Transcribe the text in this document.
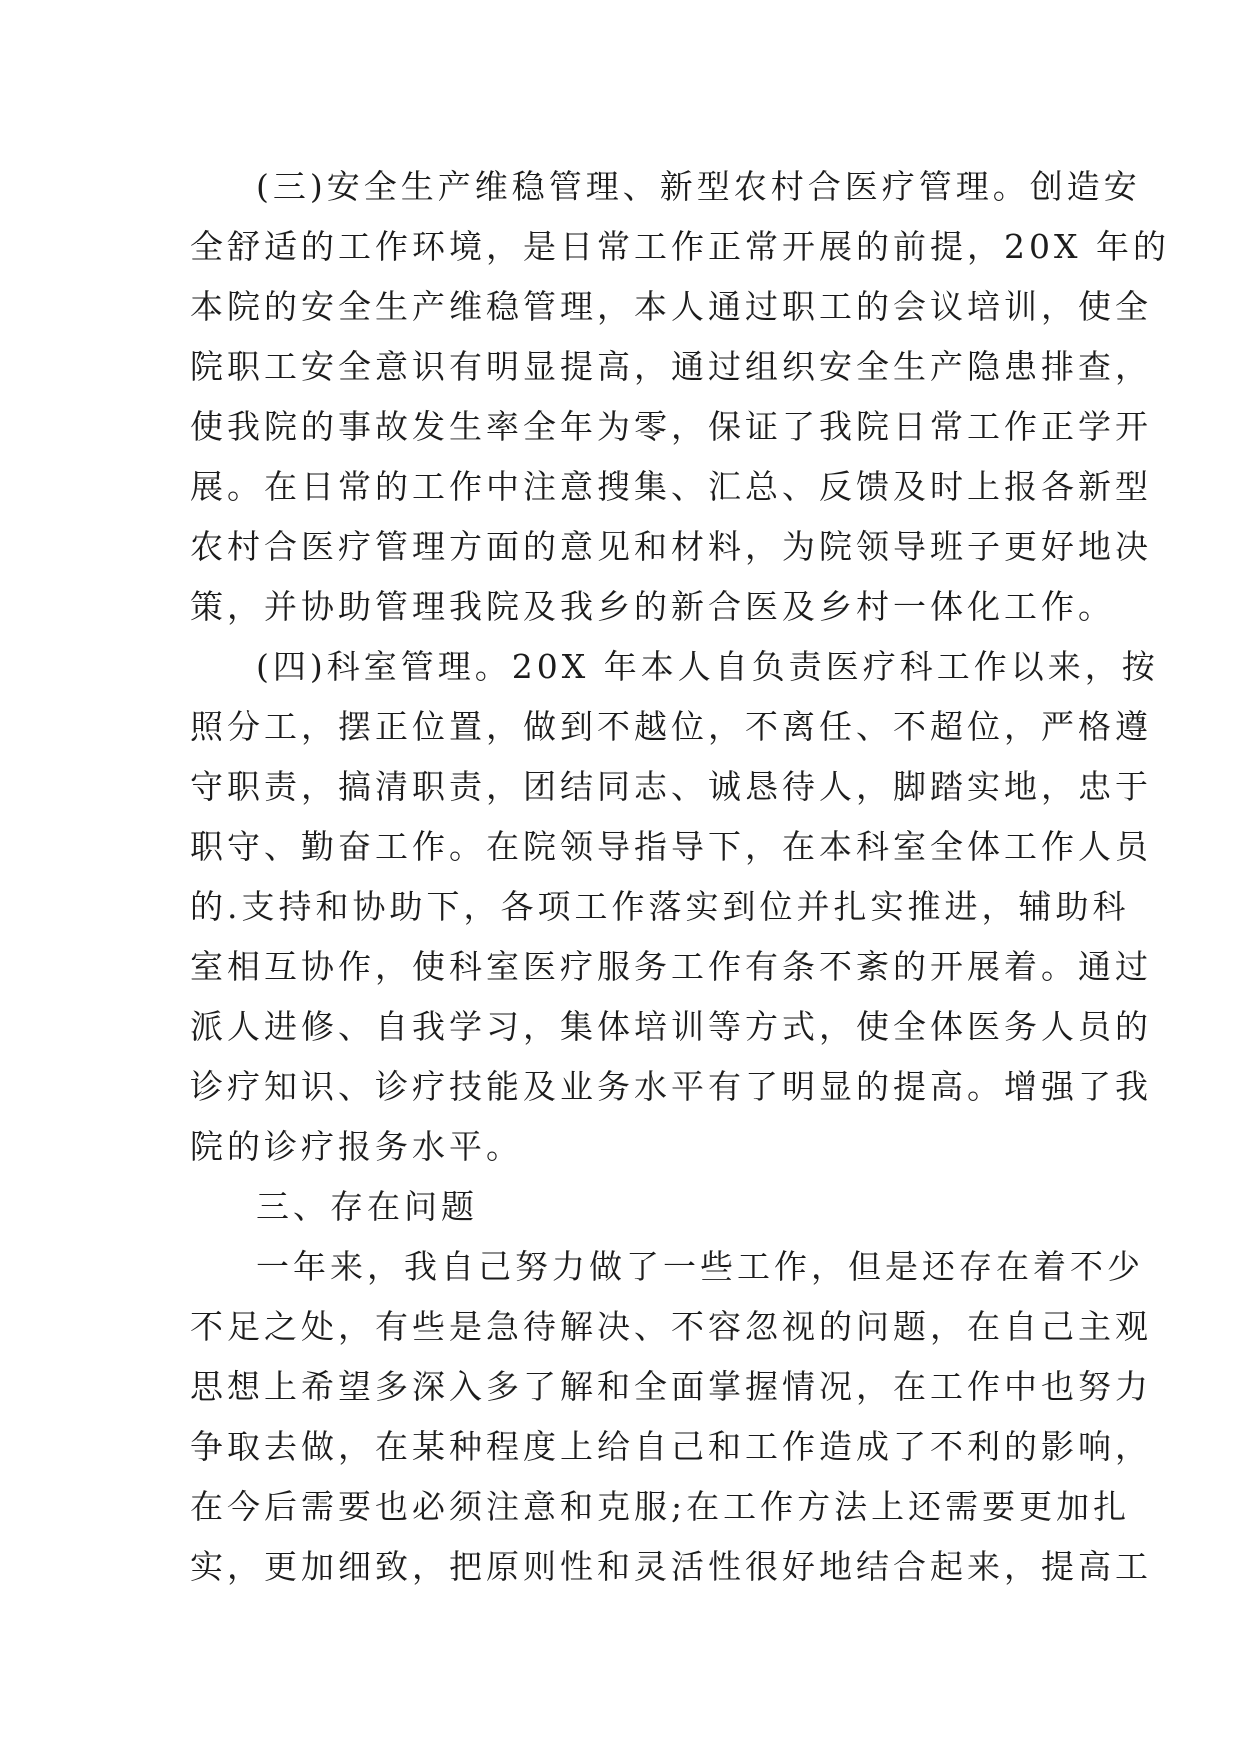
(三)安全生产维稳管理、新型农村合医疗管理。创造安
全舒适的工作环境，是日常工作正常开展的前提，20X 年的
本院的安全生产维稳管理，本人通过职工的会议培训，使全
院职工安全意识有明显提高，通过组织安全生产隐患排查，
使我院的事故发生率全年为零，保证了我院日常工作正学开
展。在日常的工作中注意搜集、汇总、反馈及时上报各新型
农村合医疗管理方面的意见和材料，为院领导班子更好地决
策，并协助管理我院及我乡的新合医及乡村一体化工作。
(四)科室管理。20X 年本人自负责医疗科工作以来，按
照分工，摆正位置，做到不越位，不离任、不超位，严格遵
守职责，搞清职责，团结同志、诚恳待人，脚踏实地，忠于
职守、勤奋工作。在院领导指导下，在本科室全体工作人员
的.支持和协助下，各项工作落实到位并扎实推进，辅助科
室相互协作，使科室医疗服务工作有条不紊的开展着。通过
派人进修、自我学习，集体培训等方式，使全体医务人员的
诊疗知识、诊疗技能及业务水平有了明显的提高。增强了我
院的诊疗报务水平。
三、存在问题
一年来，我自己努力做了一些工作，但是还存在着不少
不足之处，有些是急待解决、不容忽视的问题，在自己主观
思想上希望多深入多了解和全面掌握情况，在工作中也努力
争取去做，在某种程度上给自己和工作造成了不利的影响，
在今后需要也必须注意和克服;在工作方法上还需要更加扎
实，更加细致，把原则性和灵活性很好地结合起来，提高工
